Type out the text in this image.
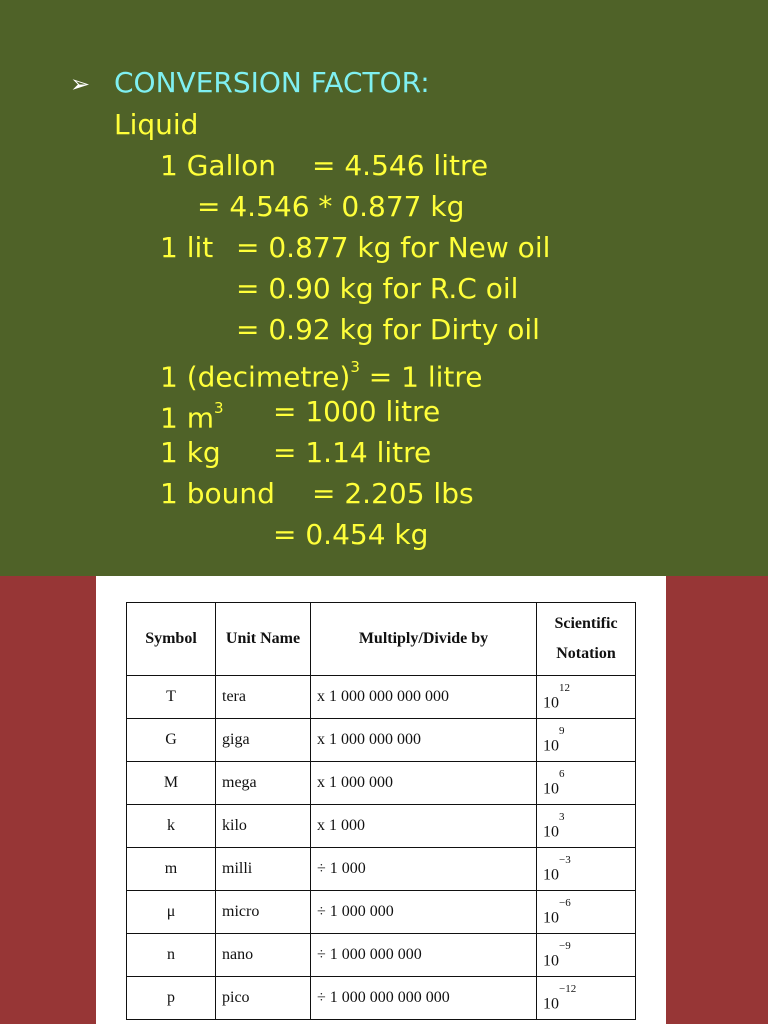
➢ CONVERSION FACTOR:
Liquid
1 Gallon = 4.546 litre
= 4.546 * 0.877 kg
1 lit = 0.877 kg for New oil
= 0.90 kg for R.C oil
= 0.92 kg for Dirty oil
1 (decimetre)$^3$ = 1 litre
1 $m^3 = 1000$ litre
1 kg = 1.14 litre
1 bound = 2.205 lbs
= 0.454 kg
Symbol	Unit Name	Multiply/Divide by	Scientific
Notation

T	tera	x 1 000 000 000 000	$10^{12}$
G	giga	x 1 000 000 000	$10^9$
M	mega	x 1 000 000	$10^6$
k	kilo	x 1 000	$10^3$
m	milli	÷ 1 000	$10^{-3}$
μ	micro	÷ 1 000 000	$10^{-6}$
n	nano	÷ 1 000 000 000	$10^{-9}$
p	pico	÷ 1 000 000 000 000	$10^{-12}$
